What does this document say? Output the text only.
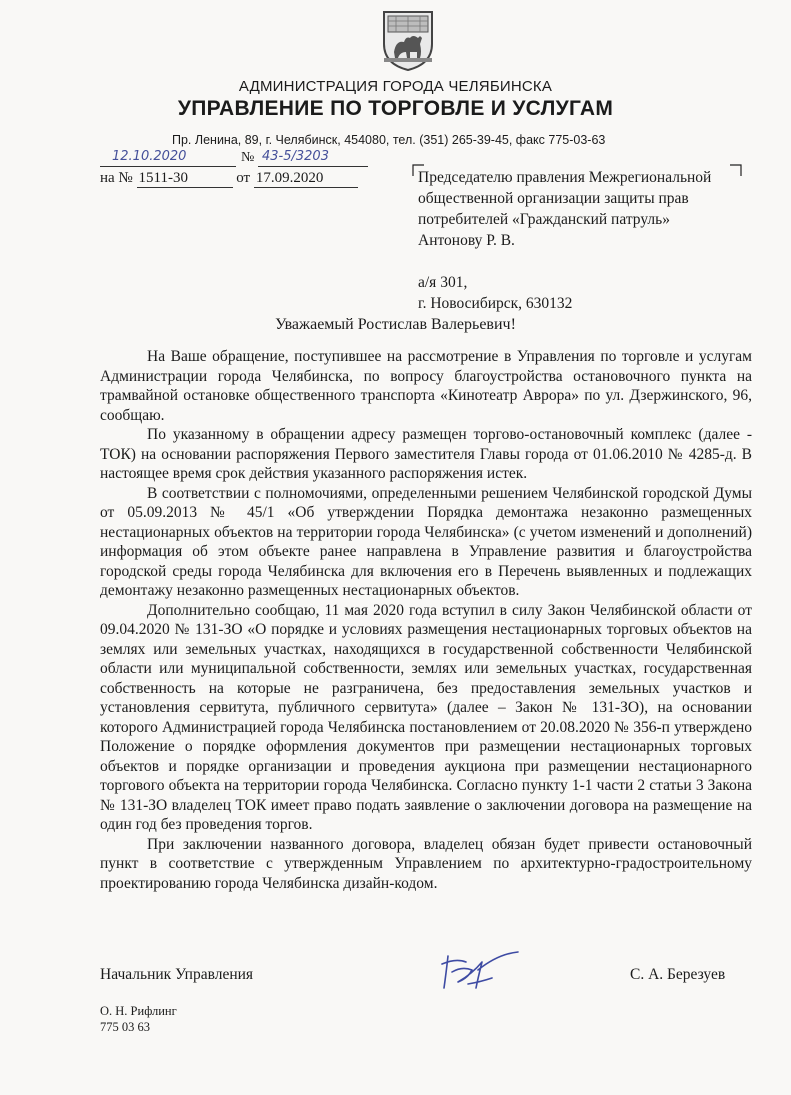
АДМИНИСТРАЦИЯ ГОРОДА ЧЕЛЯБИНСКА
УПРАВЛЕНИЕ ПО ТОРГОВЛЕ И УСЛУГАМ
Пр. Ленина, 89, г. Челябинск, 454080, тел. (351) 265-39-45, факс 775-03-63
12.10.2020	№ 43-5/3203
на № 1511-30	от 17.09.2020	Председателю правления Межрегиональной
общественной организации защиты прав
потребителей «Гражданский патруль»
Антонову Р. В.
а/я 301,
г. Новосибирск, 630132
Уважаемый Ростислав Валерьевич!

На Ваше обращение, поступившее на рассмотрение в Управления по торговле и услугам Администрации города Челябинска, по вопросу благоустройства остановочного пункта на трамвайной остановке общественного транспорта «Кинотеатр Аврора» по ул. Дзержинского, 96, сообщаю.

По указанному в обращении адресу размещен торгово-остановочный комплекс (далее - ТОК) на основании распоряжения Первого заместителя Главы города от 01.06.2010 № 4285-д. В настоящее время срок действия указанного распоряжения истек.

В соответствии с полномочиями, определенными решением Челябинской городской Думы от 05.09.2013 № 45/1 «Об утверждении Порядка демонтажа незаконно размещенных нестационарных объектов на территории города Челябинска» (с учетом изменений и дополнений) информация об этом объекте ранее направлена в Управление развития и благоустройства городской среды города Челябинска для включения его в Перечень выявленных и подлежащих демонтажу незаконно размещенных нестационарных объектов.

Дополнительно сообщаю, 11 мая 2020 года вступил в силу Закон Челябинской области от 09.04.2020 № 131-ЗО «О порядке и условиях размещения нестационарных торговых объектов на землях или земельных участках, находящихся в государственной собственности Челябинской области или муниципальной собственности, землях или земельных участках, государственная собственность на которые не разграничена, без предоставления земельных участков и установления сервитута, публичного сервитута» (далее – Закон № 131-ЗО), на основании которого Администрацией города Челябинска постановлением от 20.08.2020 № 356-п утверждено Положение о порядке оформления документов при размещении нестационарных торговых объектов и порядке организации и проведения аукциона при размещении нестационарного торгового объекта на территории города Челябинска. Согласно пункту 1-1 части 2 статьи 3 Закона № 131-ЗО владелец ТОК имеет право подать заявление о заключении договора на размещение на один год без проведения торгов.

При заключении названного договора, владелец обязан будет привести остановочный пункт в соответствие с утвержденным Управлением по архитектурно-градостроительному проектированию города Челябинска дизайн-кодом.

Начальник Управления	С. А. Березуев
О. Н. Рифлинг
775 03 63
